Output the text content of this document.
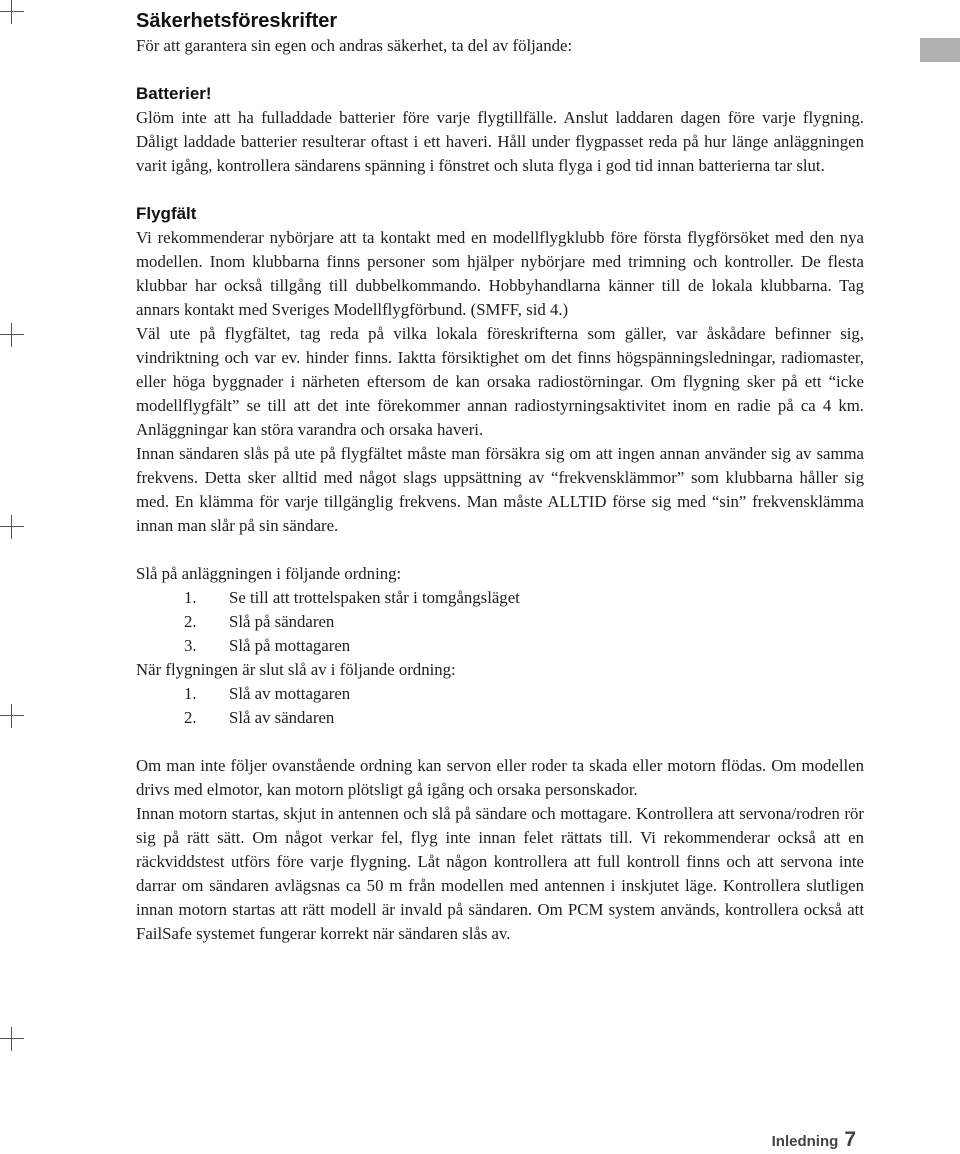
Säkerhetsföreskrifter

För att garantera sin egen och andras säkerhet, ta del av följande:

Batterier!

Glöm inte att ha fulladdade batterier före varje flygtillfälle. Anslut laddaren dagen före varje flygning. Dåligt laddade batterier resulterar oftast i ett haveri. Håll under flygpasset reda på hur länge anläggningen varit igång, kontrollera sändarens spänning i fönstret och sluta flyga i god tid innan batterierna tar slut.

Flygfält

Vi rekommenderar nybörjare att ta kontakt med en modellflygklubb före första flygförsöket med den nya modellen. Inom klubbarna finns personer som hjälper nybörjare med trimning och kontroller. De flesta klubbar har också tillgång till dubbelkommando. Hobbyhandlarna känner till de lokala klubbarna. Tag annars kontakt med Sveriges Modellflygförbund. (SMFF, sid 4.)

Väl ute på flygfältet, tag reda på vilka lokala föreskrifterna som gäller, var åskådare befinner sig, vindriktning och var ev. hinder finns. Iaktta försiktighet om det finns högspänningsledningar, radiomaster, eller höga byggnader i närheten eftersom de kan orsaka radiostörningar. Om flygning sker på ett “icke modellflygfält” se till att det inte förekommer annan radiostyrningsaktivitet inom en radie på ca 4 km. Anläggningar kan störa varandra och orsaka haveri.

Innan sändaren slås på ute på flygfältet måste man försäkra sig om att ingen annan använder sig av samma frekvens. Detta sker alltid med något slags uppsättning av “frekvensklämmor” som klubbarna håller sig med. En klämma för varje tillgänglig frekvens. Man måste ALLTID förse sig med “sin” frekvensklämma innan man slår på sin sändare.

Slå på anläggningen i följande ordning:

1.	Se till att trottelspaken står i tomgångsläget
2.	Slå på sändaren
3.	Slå på mottagaren

När flygningen är slut slå av i följande ordning:

1.	Slå av mottagaren
2.	Slå av sändaren

Om man inte följer ovanstående ordning kan servon eller roder ta skada eller motorn flödas. Om modellen drivs med elmotor, kan motorn plötsligt gå igång och orsaka personskador.

Innan motorn startas, skjut in antennen och slå på sändare och mottagare. Kontrollera att servona/rodren rör sig på rätt sätt. Om något verkar fel, flyg inte innan felet rättats till. Vi rekommenderar också att en räckviddstest utförs före varje flygning. Låt någon kontrollera att full kontroll finns och att servona inte darrar om sändaren avlägsnas ca 50 m från modellen med antennen i inskjutet läge. Kontrollera slutligen innan motorn startas att rätt modell är invald på sändaren. Om PCM system används, kontrollera också att FailSafe systemet fungerar korrekt när sändaren slås av.

Inledning 7
